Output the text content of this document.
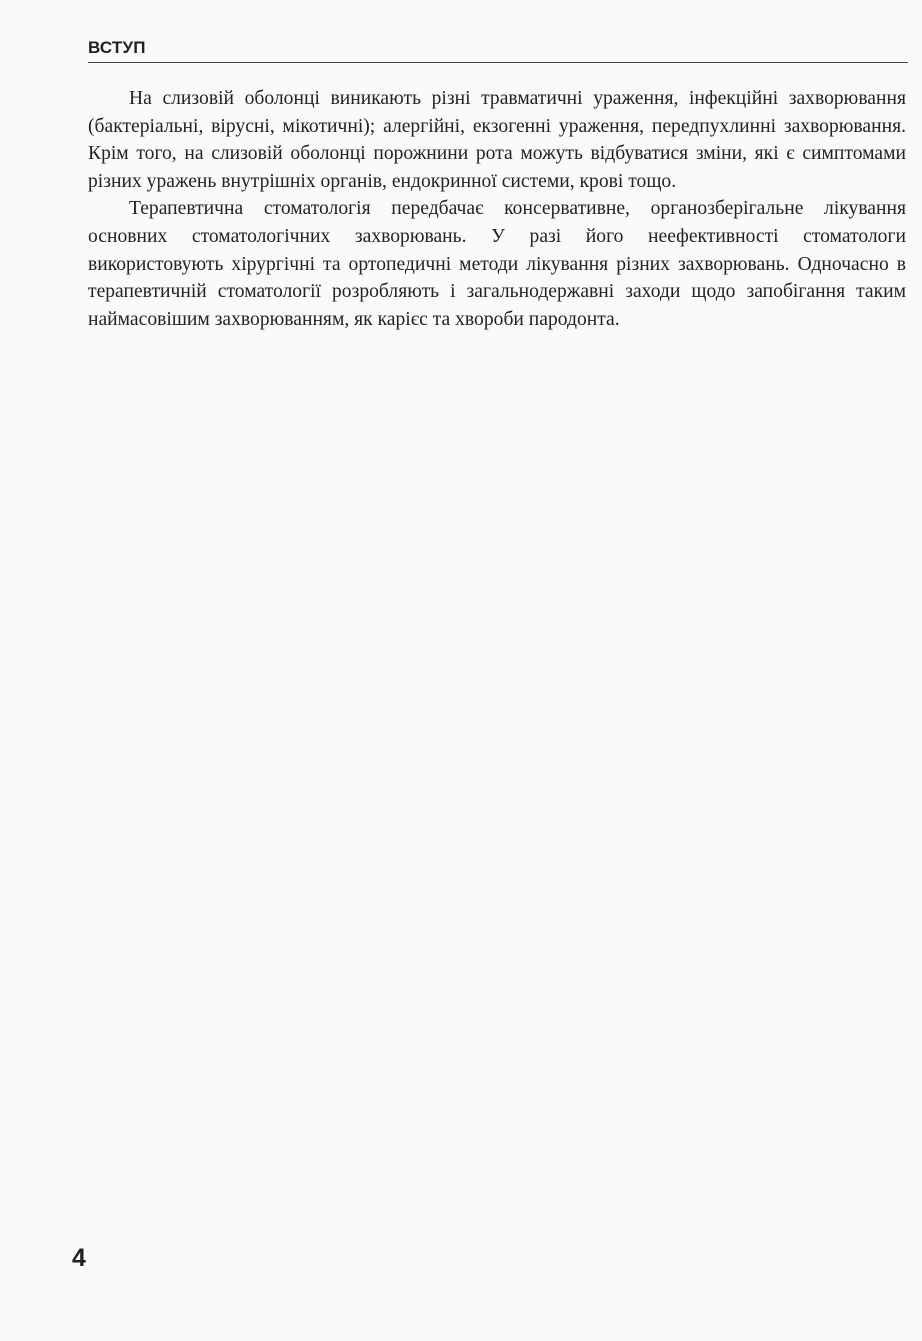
ВСТУП

На слизовій оболонці виникають різні травматичні ураження, інфекційні захворювання (бактеріальні, вірусні, мікотичні); алергійні, екзогенні ураження, передпухлинні захворювання. Крім того, на слизовій оболонці порожнини рота можуть відбуватися зміни, які є симптомами різних уражень внутрішніх органів, ендокринної системи, крові тощо.

Терапевтична стоматологія передбачає консервативне, органозберігальне лікування основних стоматологічних захворювань. У разі його неефективності стоматологи використовують хірургічні та ортопедичні методи лікування різних захворювань. Одночасно в терапевтичній стоматології розробляють і загальнодержавні заходи щодо запобігання таким наймасовішим захворюванням, як карієс та хвороби пародонта.

4
